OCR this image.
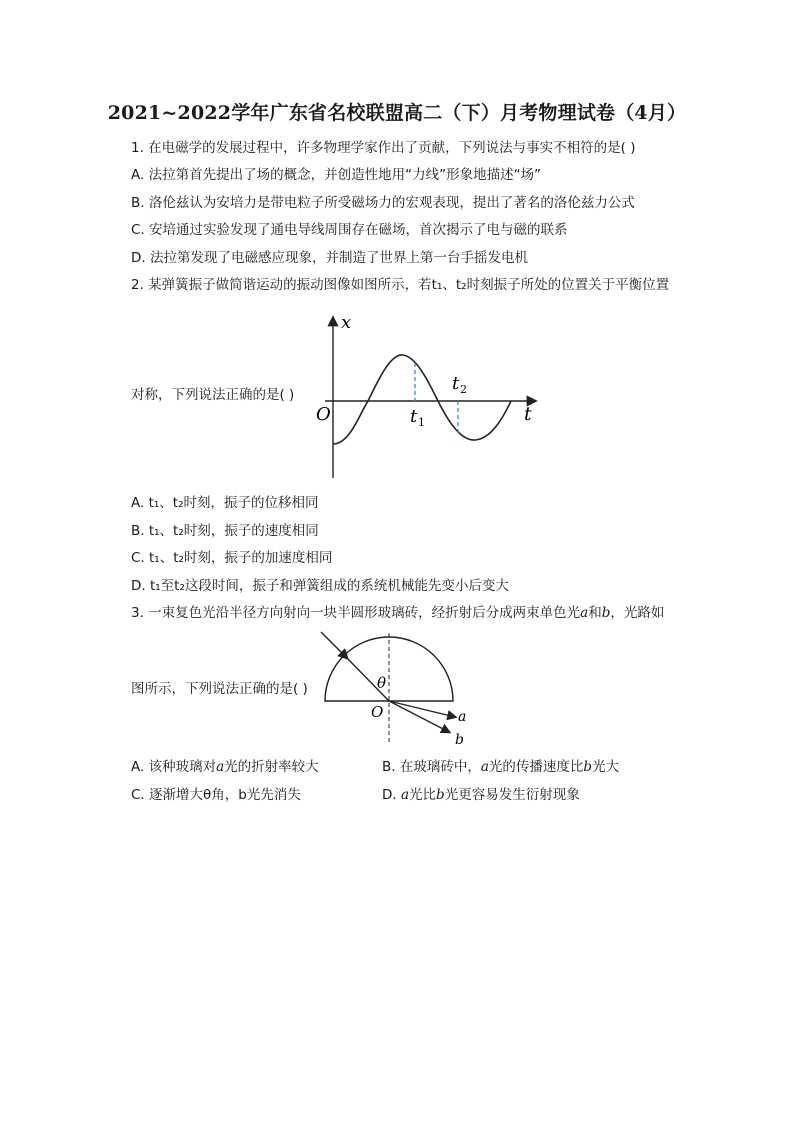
2021~2022学年广东省名校联盟高二（下）月考物理试卷（4月）
1. 在电磁学的发展过程中，许多物理学家作出了贡献，下列说法与事实不相符的是( )
A. 法拉第首先提出了场的概念，并创造性地用“力线”形象地描述“场”
B. 洛伦兹认为安培力是带电粒子所受磁场力的宏观表现，提出了著名的洛伦兹力公式
C. 安培通过实验发现了通电导线周围存在磁场，首次揭示了电与磁的联系
D. 法拉第发现了电磁感应现象，并制造了世界上第一台手摇发电机
2. 某弹簧振子做简谐运动的振动图像如图所示，若t₁、t₂时刻振子所处的位置关于平衡位置
x
t
O	t 1
t 2
对称，下列说法正确的是( )
A. t₁、t₂时刻，振子的位移相同
B. t₁、t₂时刻，振子的速度相同
C. t₁、t₂时刻，振子的加速度相同
D. t₁至t₂这段时间，振子和弹簧组成的系统机械能先变小后变大
3. 一束复色光沿半径方向射向一块半圆形玻璃砖，经折射后分成两束单色光a和b，光路如
θ
O	a
b
图所示，下列说法正确的是( )
A. 该种玻璃对a光的折射率较大	B. 在玻璃砖中，a光的传播速度比b光大
C. 逐渐增大θ角，b光先消失	D. a光比b光更容易发生衍射现象
